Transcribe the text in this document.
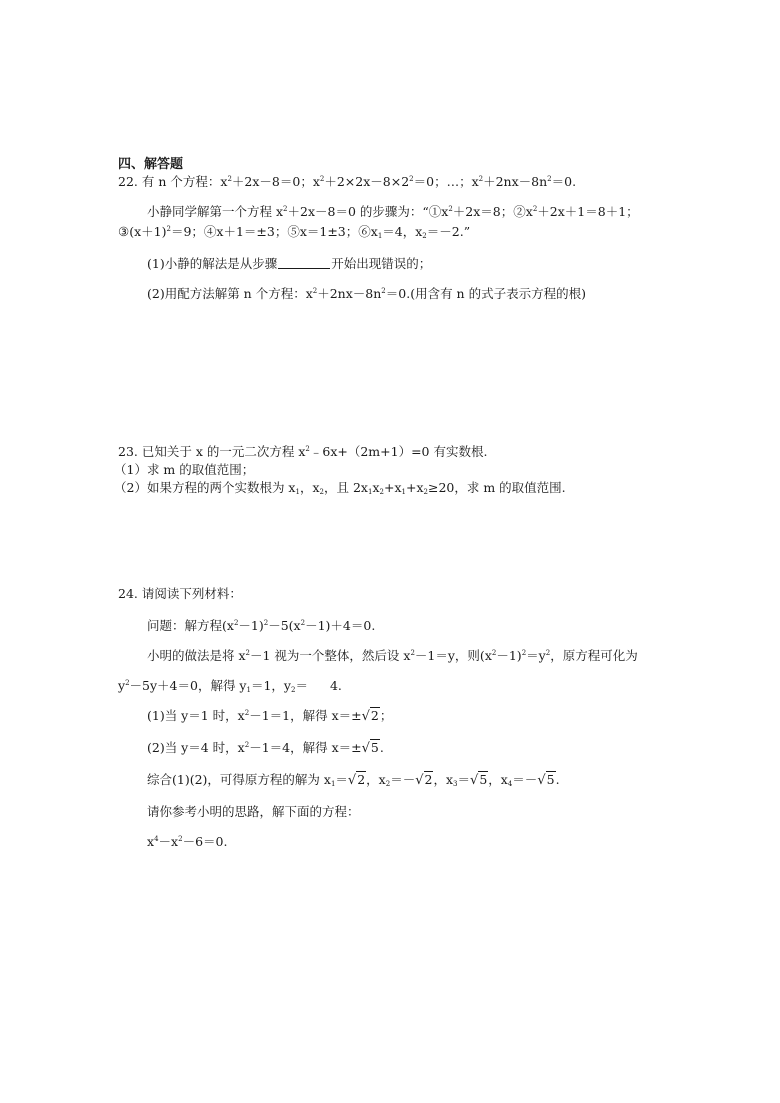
四、解答题
22. 有 n 个方程：$x^2+2x-8=0$；$x^2+2\times 2x-8\times 2^2=0$；…；$x^2+2nx-8n^2=0$.
小静同学解第一个方程 $x^2+2x-8=0$ 的步骤为：“$①x^2+2x=8$；$②x^2+2x+1=8+1$；
$③(x+1)^2=9$；④x＋1＝±3；⑤x＝1±3；$⑥x_1=4$，$x_2=-2$.”
(1)小静的解法是从步骤	开始出现错误的；
(2)用配方法解第 n 个方程：$x^2+2nx-8n^2=0$.(用含有 n 的式子表示方程的根)
23. 已知关于 x 的一元二次方程 $x^2﹣6x+(2m+1)=0$ 有实数根.
（1）求 m 的取值范围；
（2）如果方程的两个实数根为 $x_1$，$x_2$，且 $2x_1x_2+x_1+x_2\ge 20$，求 m 的取值范围.
24. 请阅读下列材料：
问题：解方程$(x^2-1)^2-5(x^2-1)+4=0$.
小明的做法是将 $x^2-1$ 视为一个整体，然后设 $x^2-1=y$，则$(x^2-1)^2=y^2$，原方程可化为
$y^2-5y+4=0$，解得 $y_1=1$，$y_2= 4$.
(1)当 y＝1 时，$x^2-1=1$，解得 x＝±√2；
(2)当 y＝4 时，$x^2-1=4$，解得 x＝±√5.
综合(1)(2)，可得原方程的解为 $x_1=√2$，$x_2=-√2$，$x_3=√5$，$x_4=-√5$.
请你参考小明的思路，解下面的方程：
$x^4-x^2-6=0$.
